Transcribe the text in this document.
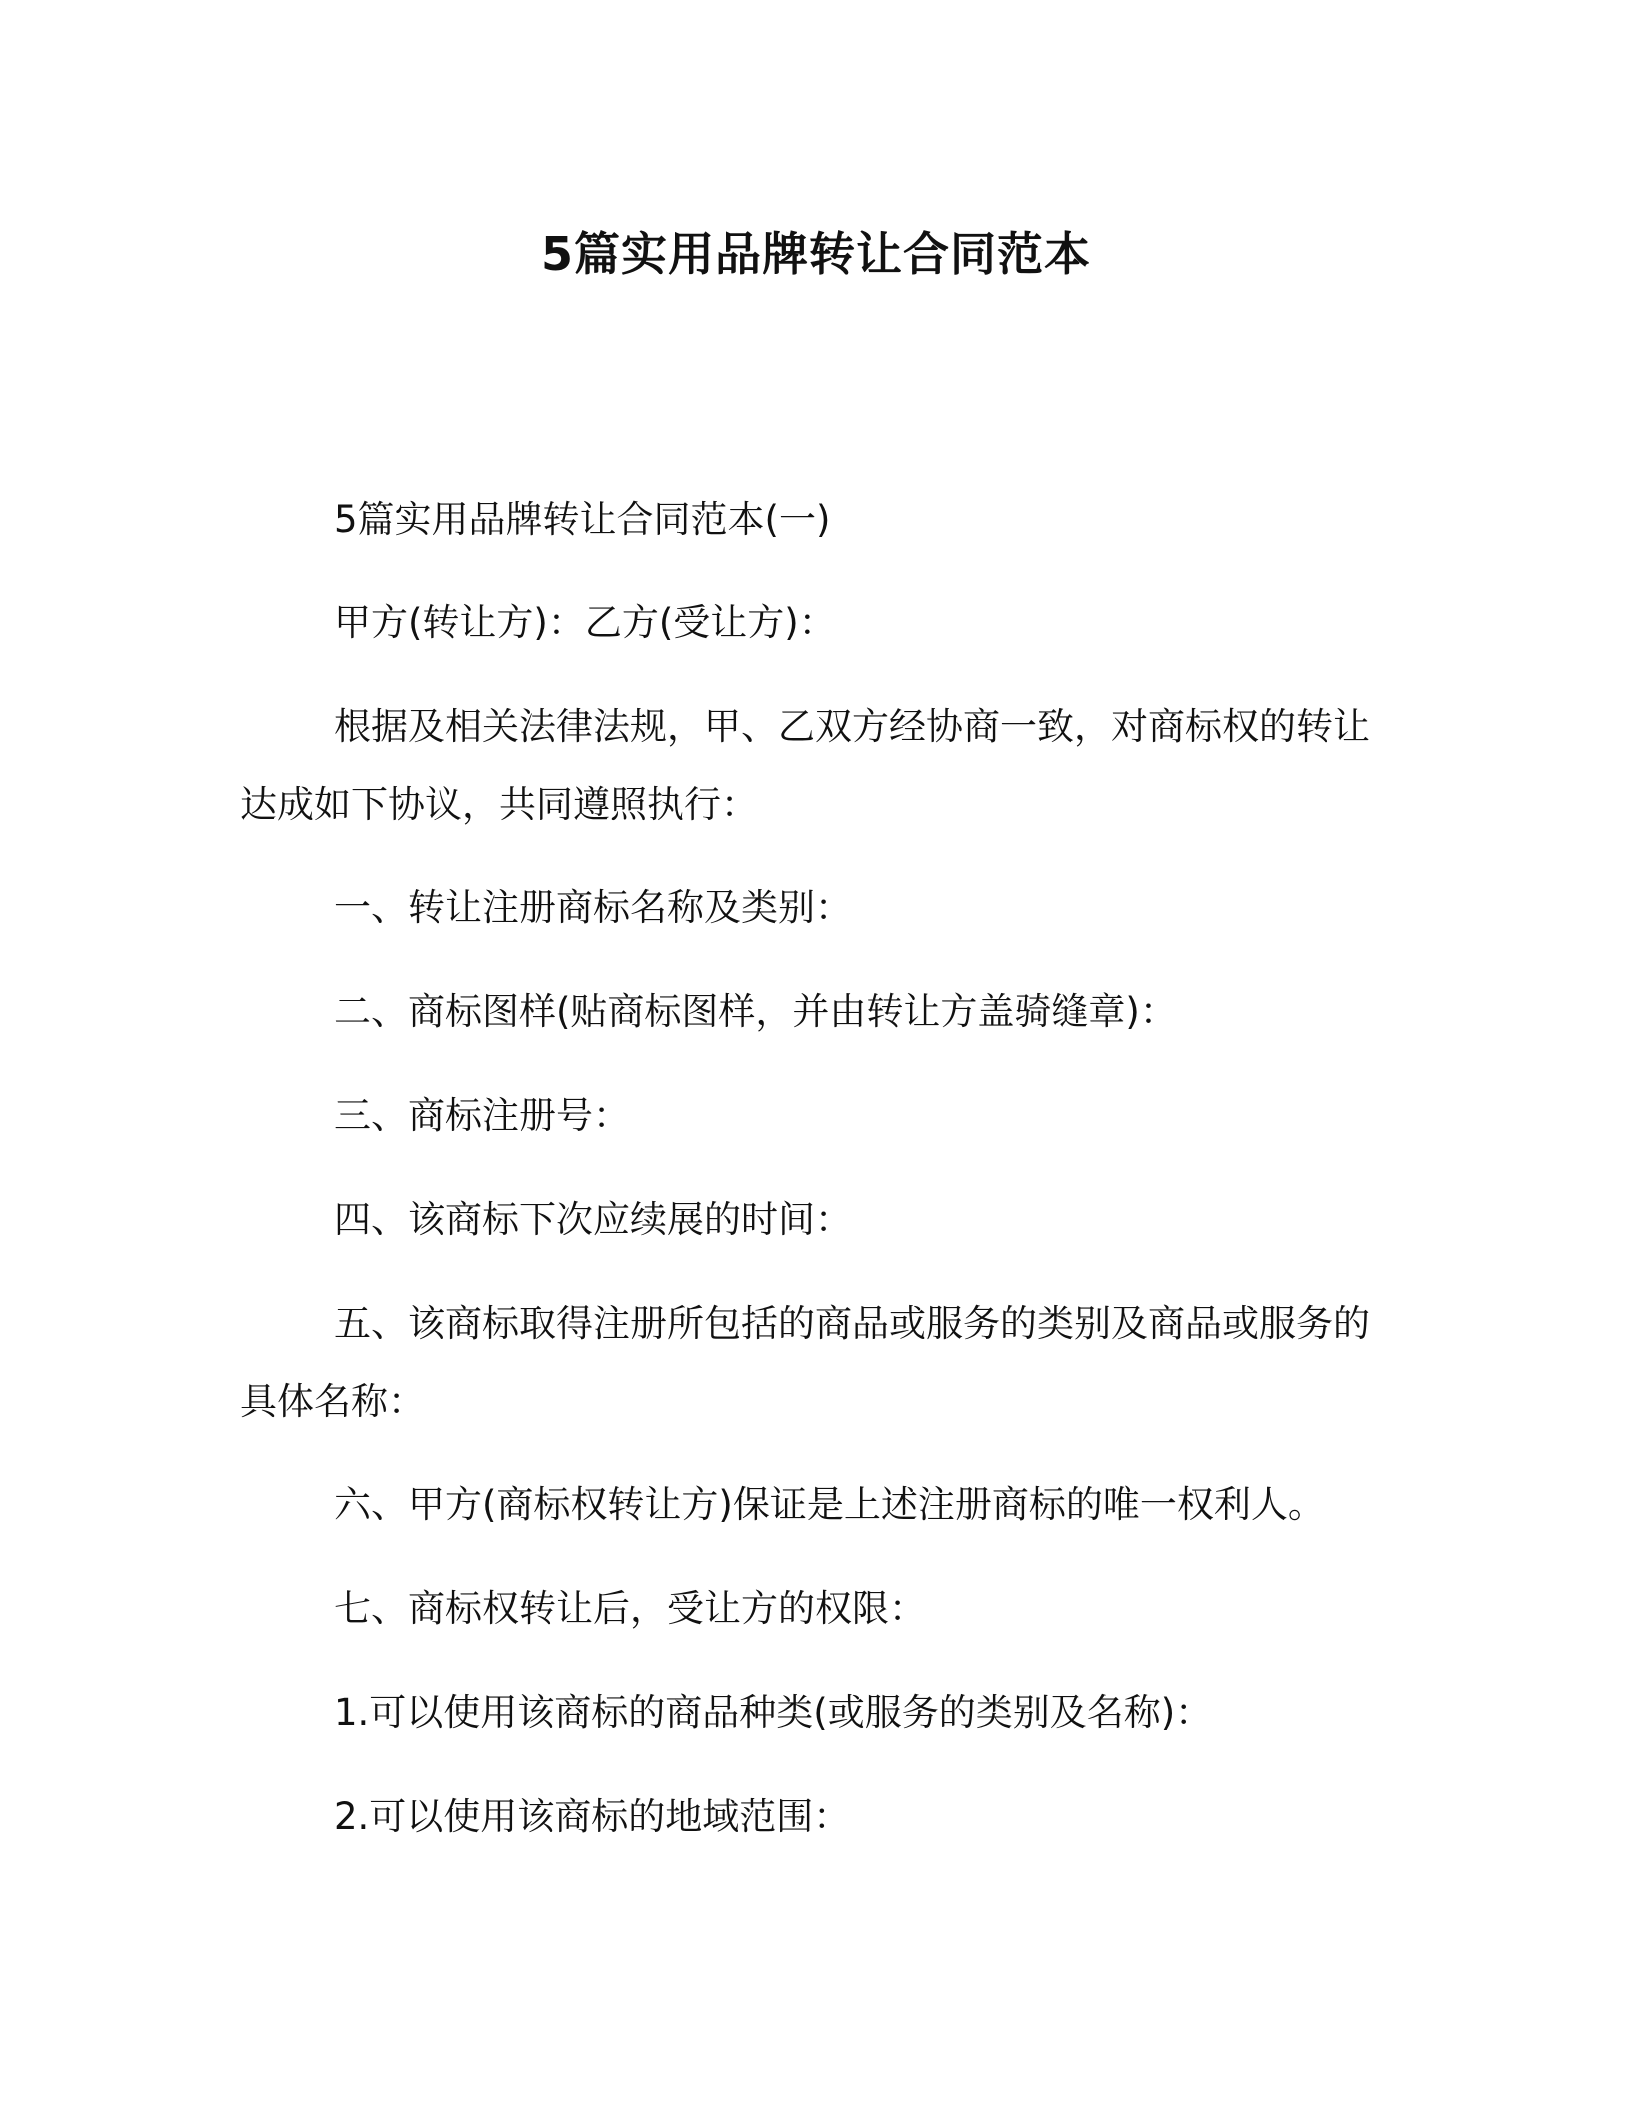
5篇实用品牌转让合同范本

5篇实用品牌转让合同范本(一)

甲方(转让方)：乙方(受让方)：

根据及相关法律法规，甲、乙双方经协商一致，对商标权的转让达成如下协议，共同遵照执行：

一、转让注册商标名称及类别：

二、商标图样(贴商标图样，并由转让方盖骑缝章)：

三、商标注册号：

四、该商标下次应续展的时间：

五、该商标取得注册所包括的商品或服务的类别及商品或服务的具体名称：

六、甲方(商标权转让方)保证是上述注册商标的唯一权利人。

七、商标权转让后，受让方的权限：

1.可以使用该商标的商品种类(或服务的类别及名称)：

2.可以使用该商标的地域范围：
